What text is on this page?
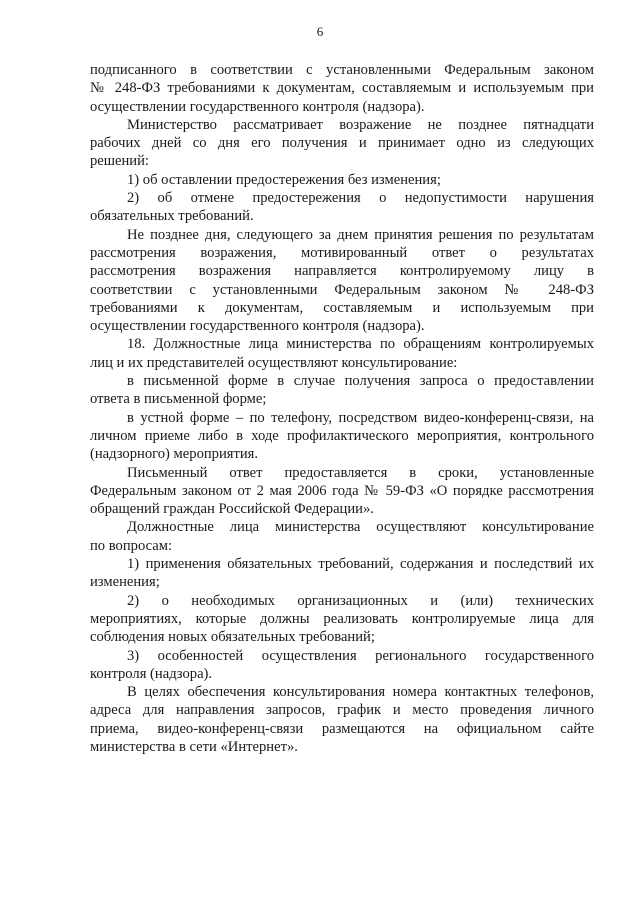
6
подписанного в соответствии с установленными Федеральным законом
№ 248-ФЗ требованиями к документам, составляемым и используемым при
осуществлении государственного контроля (надзора).
Министерство рассматривает возражение не позднее пятнадцати
рабочих дней со дня его получения и принимает одно из следующих
решений:
1) об оставлении предостережения без изменения;
2) об отмене предостережения о недопустимости нарушения
обязательных требований.
Не позднее дня, следующего за днем принятия решения по результатам
рассмотрения возражения, мотивированный ответ о результатах
рассмотрения возражения направляется контролируемому лицу в
соответствии с установленными Федеральным законом № 248-ФЗ
требованиями к документам, составляемым и используемым при
осуществлении государственного контроля (надзора).
18. Должностные лица министерства по обращениям контролируемых
лиц и их представителей осуществляют консультирование:
в письменной форме в случае получения запроса о предоставлении
ответа в письменной форме;
в устной форме – по телефону, посредством видео-конференц-связи, на
личном приеме либо в ходе профилактического мероприятия, контрольного
(надзорного) мероприятия.
Письменный ответ предоставляется в сроки, установленные
Федеральным законом от 2 мая 2006 года № 59-ФЗ «О порядке рассмотрения
обращений граждан Российской Федерации».
Должностные лица министерства осуществляют консультирование
по вопросам:
1) применения обязательных требований, содержания и последствий их
изменения;
2) о необходимых организационных и (или) технических
мероприятиях, которые должны реализовать контролируемые лица для
соблюдения новых обязательных требований;
3) особенностей осуществления регионального государственного
контроля (надзора).
В целях обеспечения консультирования номера контактных телефонов,
адреса для направления запросов, график и место проведения личного
приема, видео-конференц-связи размещаются на официальном сайте
министерства в сети «Интернет».
